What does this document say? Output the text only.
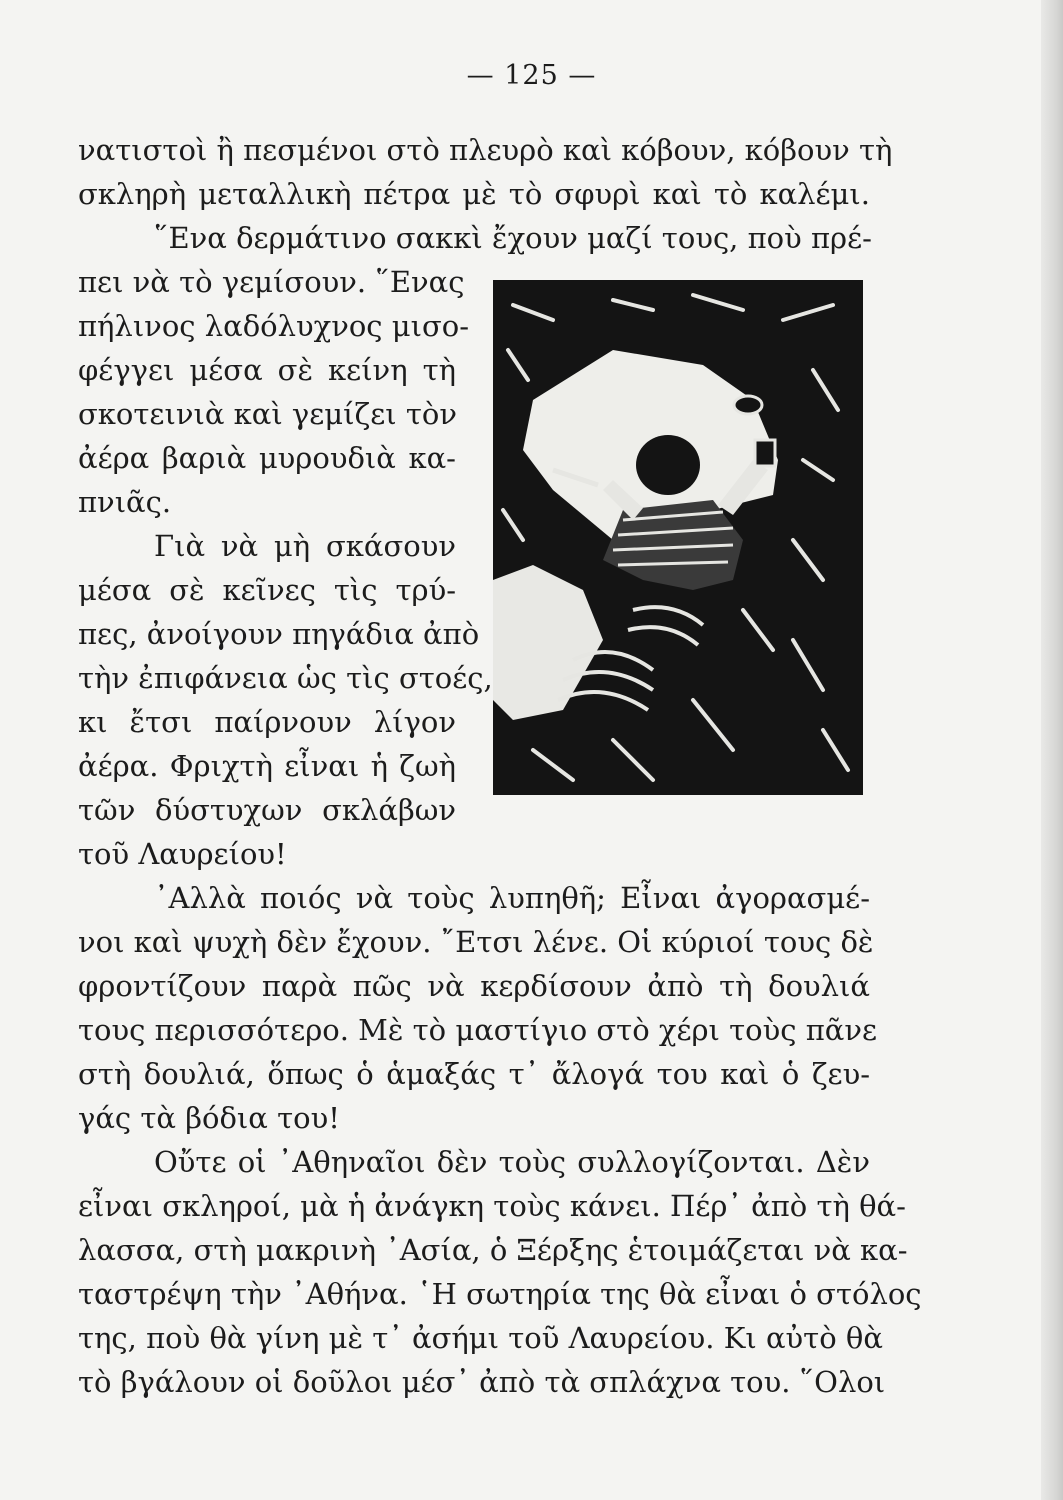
— 125 —
νατιστοὶ ἢ πεσμένοι στὸ πλευρὸ καὶ κόβουν, κόβουν τὴ
σκληρὴ μεταλλικὴ πέτρα μὲ τὸ σφυρὶ καὶ τὸ καλέμι.
῞Ενα δερμάτινο σακκὶ ἔχουν μαζί τους, ποὺ πρέ-
πει νὰ τὸ γεμίσουν. ῞Ενας
πήλινος λαδόλυχνος μισο-
φέγγει μέσα σὲ κείνη τὴ
σκοτεινιὰ καὶ γεμίζει τὸν
ἀέρα βαριὰ μυρουδιὰ κα-
πνιᾶς.
Γιὰ νὰ μὴ σκάσουν
μέσα σὲ κεῖνες τὶς τρύ-
πες, ἀνοίγουν πηγάδια ἀπὸ
τὴν ἐπιφάνεια ὡς τὶς στοές,
κι ἔτσι παίρνουν λίγον
ἀέρα. Φριχτὴ εἶναι ἡ ζωὴ
τῶν δύστυχων σκλάβων
τοῦ Λαυρείου!
᾿Αλλὰ ποιός νὰ τοὺς λυπηθῆ; Εἶναι ἀγορασμέ-
νοι καὶ ψυχὴ δὲν ἔχουν. ῎Ετσι λένε. Οἱ κύριοί τους δὲ
φροντίζουν παρὰ πῶς νὰ κερδίσουν ἀπὸ τὴ δουλιά
τους περισσότερο. Μὲ τὸ μαστίγιο στὸ χέρι τοὺς πᾶνε
στὴ δουλιά, ὅπως ὁ ἁμαξάς τ᾿ ἄλογά του καὶ ὁ ζευ-
γάς τὰ βόδια του!
Οὔτε οἱ ᾿Αθηναῖοι δὲν τοὺς συλλογίζονται. Δὲν
εἶναι σκληροί, μὰ ἡ ἀνάγκη τοὺς κάνει. Πέρ᾿ ἀπὸ τὴ θά-
λασσα, στὴ μακρινὴ ᾿Ασία, ὁ Ξέρξης ἑτοιμάζεται νὰ κα-
ταστρέψη τὴν ᾿Αθήνα. ῾Η σωτηρία της θὰ εἶναι ὁ στόλος
της, ποὺ θὰ γίνη μὲ τ᾿ ἀσήμι τοῦ Λαυρείου. Κι αὐτὸ θὰ
τὸ βγάλουν οἱ δοῦλοι μέσ᾿ ἀπὸ τὰ σπλάχνα του. ῞Ολοι
